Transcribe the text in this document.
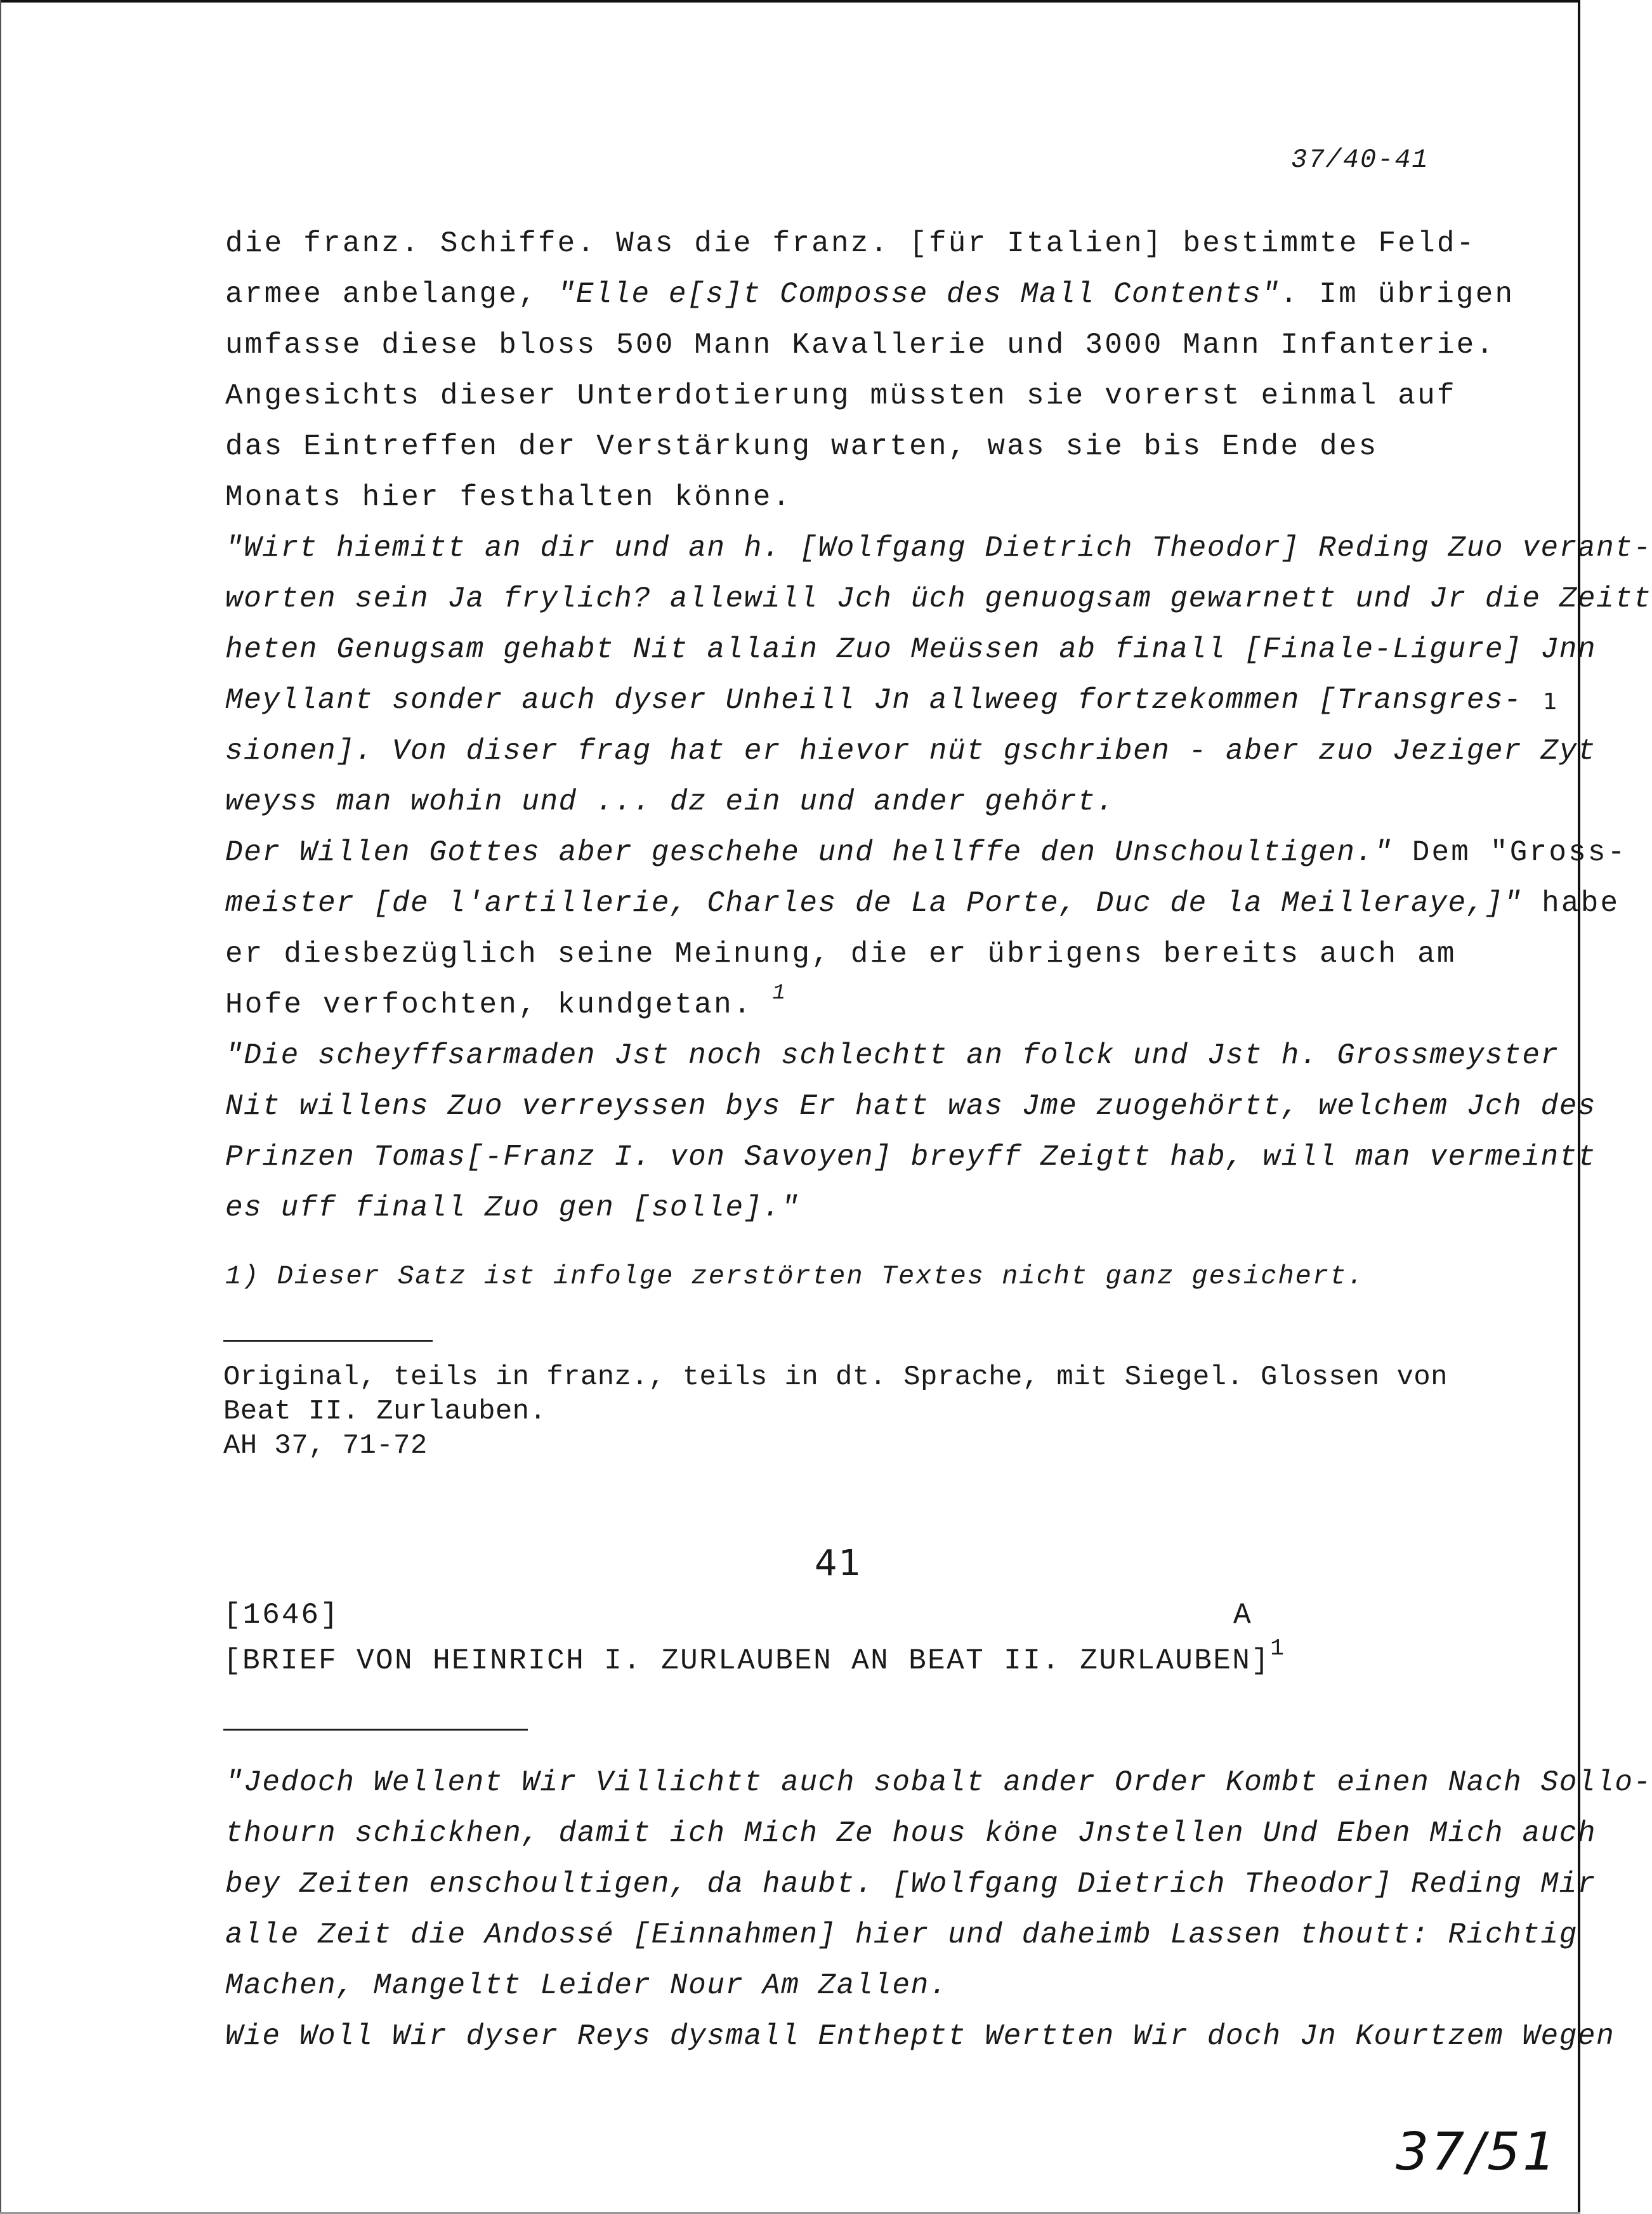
37/40-41
die franz. Schiffe. Was die franz. [für Italien] bestimmte Feld-
armee anbelange, "Elle e[s]t Composse des Mall Contents". Im übrigen
umfasse diese bloss 500 Mann Kavallerie und 3000 Mann Infanterie.
Angesichts dieser Unterdotierung müssten sie vorerst einmal auf
das Eintreffen der Verstärkung warten, was sie bis Ende des
Monats hier festhalten könne.
"Wirt hiemitt an dir und an h. [Wolfgang Dietrich Theodor] Reding Zuo verant-
worten sein Ja frylich? allewill Jch üch genuogsam gewarnett und Jr die Zeitt
heten Genugsam gehabt Nit allain Zuo Meüssen ab finall [Finale-Ligure] Jnn
Meyllant sonder auch dyser Unheill Jn allweeg fortzekommen [Transgres-
sionen]. Von diser frag hat er hievor nüt gschriben - aber zuo Jeziger Zyt
weyss man wohin und ... dz ein und ander gehört.
1
Der Willen Gottes aber geschehe und hellffe den Unschoultigen." Dem "Gross-
meister [de l'artillerie, Charles de La Porte, Duc de la Meilleraye,]" habe
er diesbezüglich seine Meinung, die er übrigens bereits auch am
Hofe verfochten, kundgetan. $^1$
"Die scheyffsarmaden Jst noch schlechtt an folck und Jst h. Grossmeyster
Nit willens Zuo verreyssen bys Er hatt was Jme zuogehörtt, welchem Jch des
Prinzen Tomas[-Franz I. von Savoyen] breyff Zeigtt hab, will man vermeintt
es uff finall Zuo gen [solle]."
1) Dieser Satz ist infolge zerstörten Textes nicht ganz gesichert.
Original, teils in franz., teils in dt. Sprache, mit Siegel. Glossen von
Beat II. Zurlauben.
AH 37, 71-72
41
[1646]	A
[BRIEF VON HEINRICH I. ZURLAUBEN AN BEAT II. ZURLAUBEN]$^1$
"Jedoch Wellent Wir Villichtt auch sobalt ander Order Kombt einen Nach Sollo-
thourn schickhen, damit ich Mich Ze hous köne Jnstellen Und Eben Mich auch
bey Zeiten enschoultigen, da haubt. [Wolfgang Dietrich Theodor] Reding Mir
alle Zeit die Andossé [Einnahmen] hier und daheimb Lassen thoutt: Richtig
Machen, Mangeltt Leider Nour Am Zallen.
Wie Woll Wir dyser Reys dysmall Entheptt Wertten Wir doch Jn Kourtzem Wegen
37/51
